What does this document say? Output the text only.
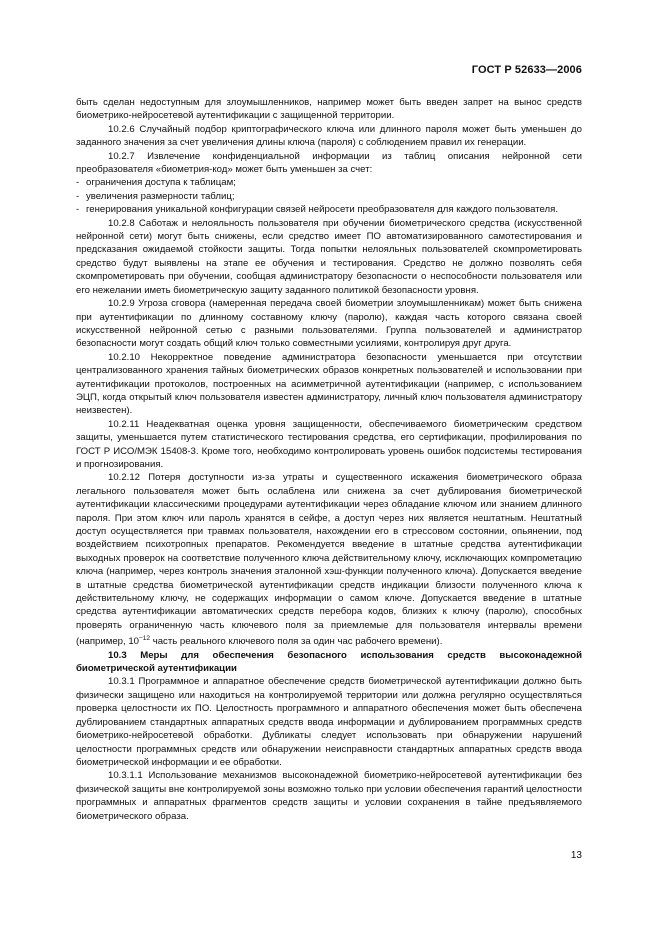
ГОСТ Р 52633—2006

быть сделан недоступным для злоумышленников, например может быть введен запрет на вынос средств биометрико-нейросетевой аутентификации с защищенной территории.

10.2.6 Случайный подбор криптографического ключа или длинного пароля может быть уменьшен до заданного значения за счет увеличения длины ключа (пароля) с соблюдением правил их генерации.

10.2.7 Извлечение конфиденциальной информации из таблиц описания нейронной сети преобразователя «биометрия-код» может быть уменьшен за счет:

- ограничения доступа к таблицам;

- увеличения размерности таблиц;

- генерирования уникальной конфигурации связей нейросети преобразователя для каждого пользователя.

10.2.8 Саботаж и нелояльность пользователя при обучении биометрического средства (искусственной нейронной сети) могут быть снижены, если средство имеет ПО автоматизированного самотестирования и предсказания ожидаемой стойкости защиты. Тогда попытки нелояльных пользователей скомпрометировать средство будут выявлены на этапе ее обучения и тестирования. Средство не должно позволять себя скомпрометировать при обучении, сообщая администратору безопасности о неспособности пользователя или его нежелании иметь биометрическую защиту заданного политикой безопасности уровня.

10.2.9 Угроза сговора (намеренная передача своей биометрии злоумышленникам) может быть снижена при аутентификации по длинному составному ключу (паролю), каждая часть которого связана своей искусственной нейронной сетью с разными пользователями. Группа пользователей и администратор безопасности могут создать общий ключ только совместными усилиями, контролируя друг друга.

10.2.10 Некорректное поведение администратора безопасности уменьшается при отсутствии централизованного хранения тайных биометрических образов конкретных пользователей и использовании при аутентификации протоколов, построенных на асимметричной аутентификации (например, с использованием ЭЦП, когда открытый ключ пользователя известен администратору, личный ключ пользователя администратору неизвестен).

10.2.11 Неадекватная оценка уровня защищенности, обеспечиваемого биометрическим средством защиты, уменьшается путем статистического тестирования средства, его сертификации, профилирования по ГОСТ Р ИСО/МЭК 15408-3. Кроме того, необходимо контролировать уровень ошибок подсистемы тестирования и прогнозирования.

10.2.12 Потеря доступности из-за утраты и существенного искажения биометрического образа легального пользователя может быть ослаблена или снижена за счет дублирования биометрической аутентификации классическими процедурами аутентификации через обладание ключом или знанием длинного пароля. При этом ключ или пароль хранятся в сейфе, а доступ через них является нештатным. Нештатный доступ осуществляется при травмах пользователя, нахождении его в стрессовом состоянии, опьянении, под воздействием психотропных препаратов. Рекомендуется введение в штатные средства аутентификации выходных проверок на соответствие полученного ключа действительному ключу, исключающих компрометацию ключа (например, через контроль значения эталонной хэш-функции полученного ключа). Допускается введение в штатные средства биометрической аутентификации средств индикации близости полученного ключа к действительному ключу, не содержащих информации о самом ключе. Допускается введение в штатные средства аутентификации автоматических средств перебора кодов, близких к ключу (паролю), способных проверять ограниченную часть ключевого поля за приемлемые для пользователя интервалы времени (например, $10^{-12}$ часть реального ключевого поля за один час рабочего времени).

10.3 Меры для обеспечения безопасного использования средств высоконадежной биометрической аутентификации

10.3.1 Программное и аппаратное обеспечение средств биометрической аутентификации должно быть физически защищено или находиться на контролируемой территории или должна регулярно осуществляться проверка целостности их ПО. Целостность программного и аппаратного обеспечения может быть обеспечена дублированием стандартных аппаратных средств ввода информации и дублированием программных средств биометрико-нейросетевой обработки. Дубликаты следует использовать при обнаружении нарушений целостности программных средств или обнаружении неисправности стандартных аппаратных средств ввода биометрической информации и ее обработки.

10.3.1.1 Использование механизмов высоконадежной биометрико-нейросетевой аутентификации без физической защиты вне контролируемой зоны возможно только при условии обеспечения гарантий целостности программных и аппаратных фрагментов средств защиты и условии сохранения в тайне предъявляемого биометрического образа.

13
